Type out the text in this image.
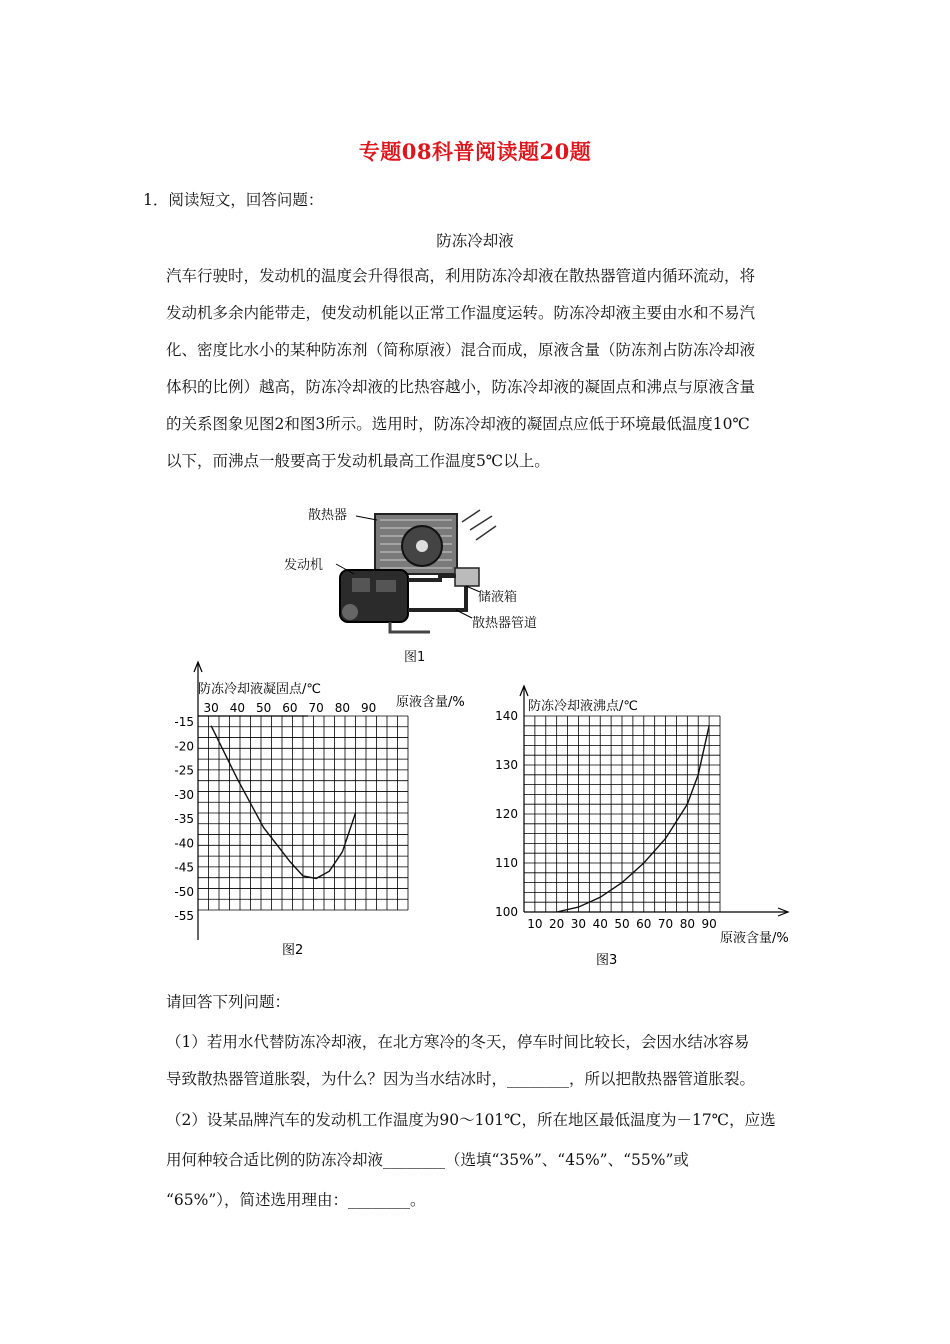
专题08科普阅读题20题
1．阅读短文，回答问题：
防冻冷却液
汽车行驶时，发动机的温度会升得很高，利用防冻冷却液在散热器管道内循环流动，将
发动机多余内能带走，使发动机能以正常工作温度运转。防冻冷却液主要由水和不易汽
化、密度比水小的某种防冻剂（简称原液）混合而成，原液含量（防冻剂占防冻冷却液
体积的比例）越高，防冻冷却液的比热容越小，防冻冷却液的凝固点和沸点与原液含量
的关系图象见图2和图3所示。选用时，防冻冷却液的凝固点应低于环境最低温度10℃
以下，而沸点一般要高于发动机最高工作温度5℃以上。
散热器
发动机
储液箱
散热器管道
图1
防冻冷却液凝固点/℃
原液含量/%
图2
30 40 50 60 70 80 90
-15
-20
-25
-30
-35
-40
-45
-50
-55
防冻冷却液沸点/℃
原液含量/%
图3
10 20 30 40 50 60 70 80 90
100
110
120
130
140
请回答下列问题：
（1）若用水代替防冻冷却液，在北方寒冷的冬天，停车时间比较长，会因水结冰容易
导致散热器管道胀裂，为什么？因为当水结冰时，________，所以把散热器管道胀裂。
（2）设某品牌汽车的发动机工作温度为90～101℃，所在地区最低温度为－17℃，应选
用何种较合适比例的防冻冷却液________（选填“35%”、“45%”、“55%”或
“65%”），简述选用理由：________。
